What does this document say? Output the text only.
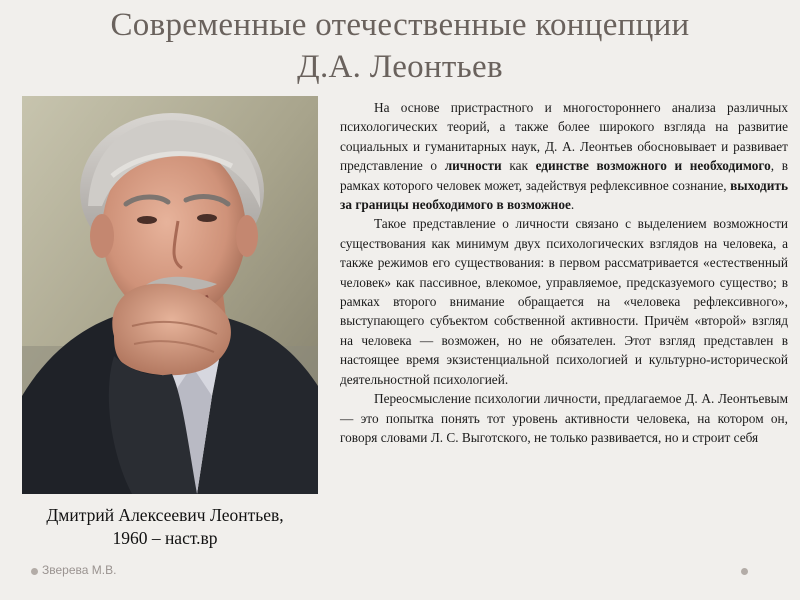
Современные отечественные концепции
Д.А. Леонтьев
Дмитрий Алексеевич Леонтьев,
1960 – наст.вр

На основе пристрастного и многостороннего анализа различных психологических теорий, а также более широкого взгляда на развитие социальных и гуманитарных наук, Д. А. Леонтьев обосновывает и развивает представление о личности как единстве возможного и необходимого, в рамках которого человек может, задействуя рефлексивное сознание, выходить за границы необходимого в возможное.

Такое представление о личности связано с выделением возможности существования как минимум двух психологических взглядов на человека, а также режимов его существования: в первом рассматривается «естественный человек» как пассивное, влекомое, управляемое, предсказуемого существо; в рамках второго внимание обращается на «человека рефлексивного», выступающего субъектом собственной активности. Причём «второй» взгляд на человека — возможен, но не обязателен. Этот взгляд представлен в настоящее время экзистенциальной психологией и культурно-исторической деятельностной психологией.

Переосмысление психологии личности, предлагаемое Д. А. Леонтьевым — это попытка понять тот уровень активности человека, на котором он, говоря словами Л. С. Выготского, не только развивается, но и строит себя

Зверева М.В.
